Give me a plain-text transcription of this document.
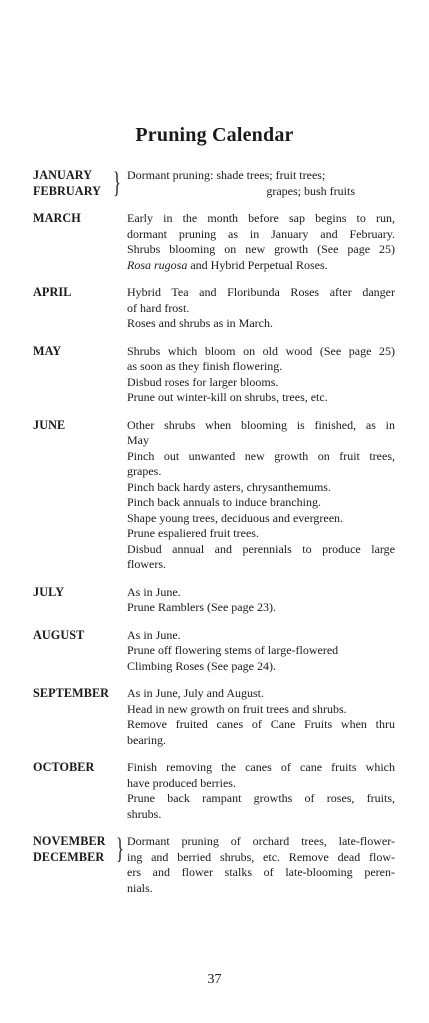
Pruning Calendar
JANUARY
FEBRUARY } Dormant pruning: shade trees; fruit trees;
grapes; bush fruits
MARCH	Early in the month before sap begins to run,
dormant pruning as in January and February.
Shrubs blooming on new growth (See page 25)
Rosa rugosa and Hybrid Perpetual Roses.
APRIL	Hybrid Tea and Floribunda Roses after danger
of hard frost.
Roses and shrubs as in March.
MAY	Shrubs which bloom on old wood (See page 25)
as soon as they finish flowering.
Disbud roses for larger blooms.
Prune out winter-kill on shrubs, trees, etc.
JUNE	Other shrubs when blooming is finished, as in
May
Pinch out unwanted new growth on fruit trees,
grapes.
Pinch back hardy asters, chrysanthemums.
Pinch back annuals to induce branching.
Shape young trees, deciduous and evergreen.
Prune espaliered fruit trees.
Disbud annual and perennials to produce large
flowers.
JULY	As in June.
Prune Ramblers (See page 23).
AUGUST	As in June.
Prune off flowering stems of large-flowered
Climbing Roses (See page 24).
SEPTEMBER	As in June, July and August.
Head in new growth on fruit trees and shrubs.
Remove fruited canes of Cane Fruits when thru
bearing.
OCTOBER	Finish removing the canes of cane fruits which
have produced berries.
Prune back rampant growths of roses, fruits,
shrubs.
NOVEMBER
DECEMBER } Dormant pruning of orchard trees, late-flower-
ing and berried shrubs, etc. Remove dead flow-
ers and flower stalks of late-blooming peren-
nials.
37
